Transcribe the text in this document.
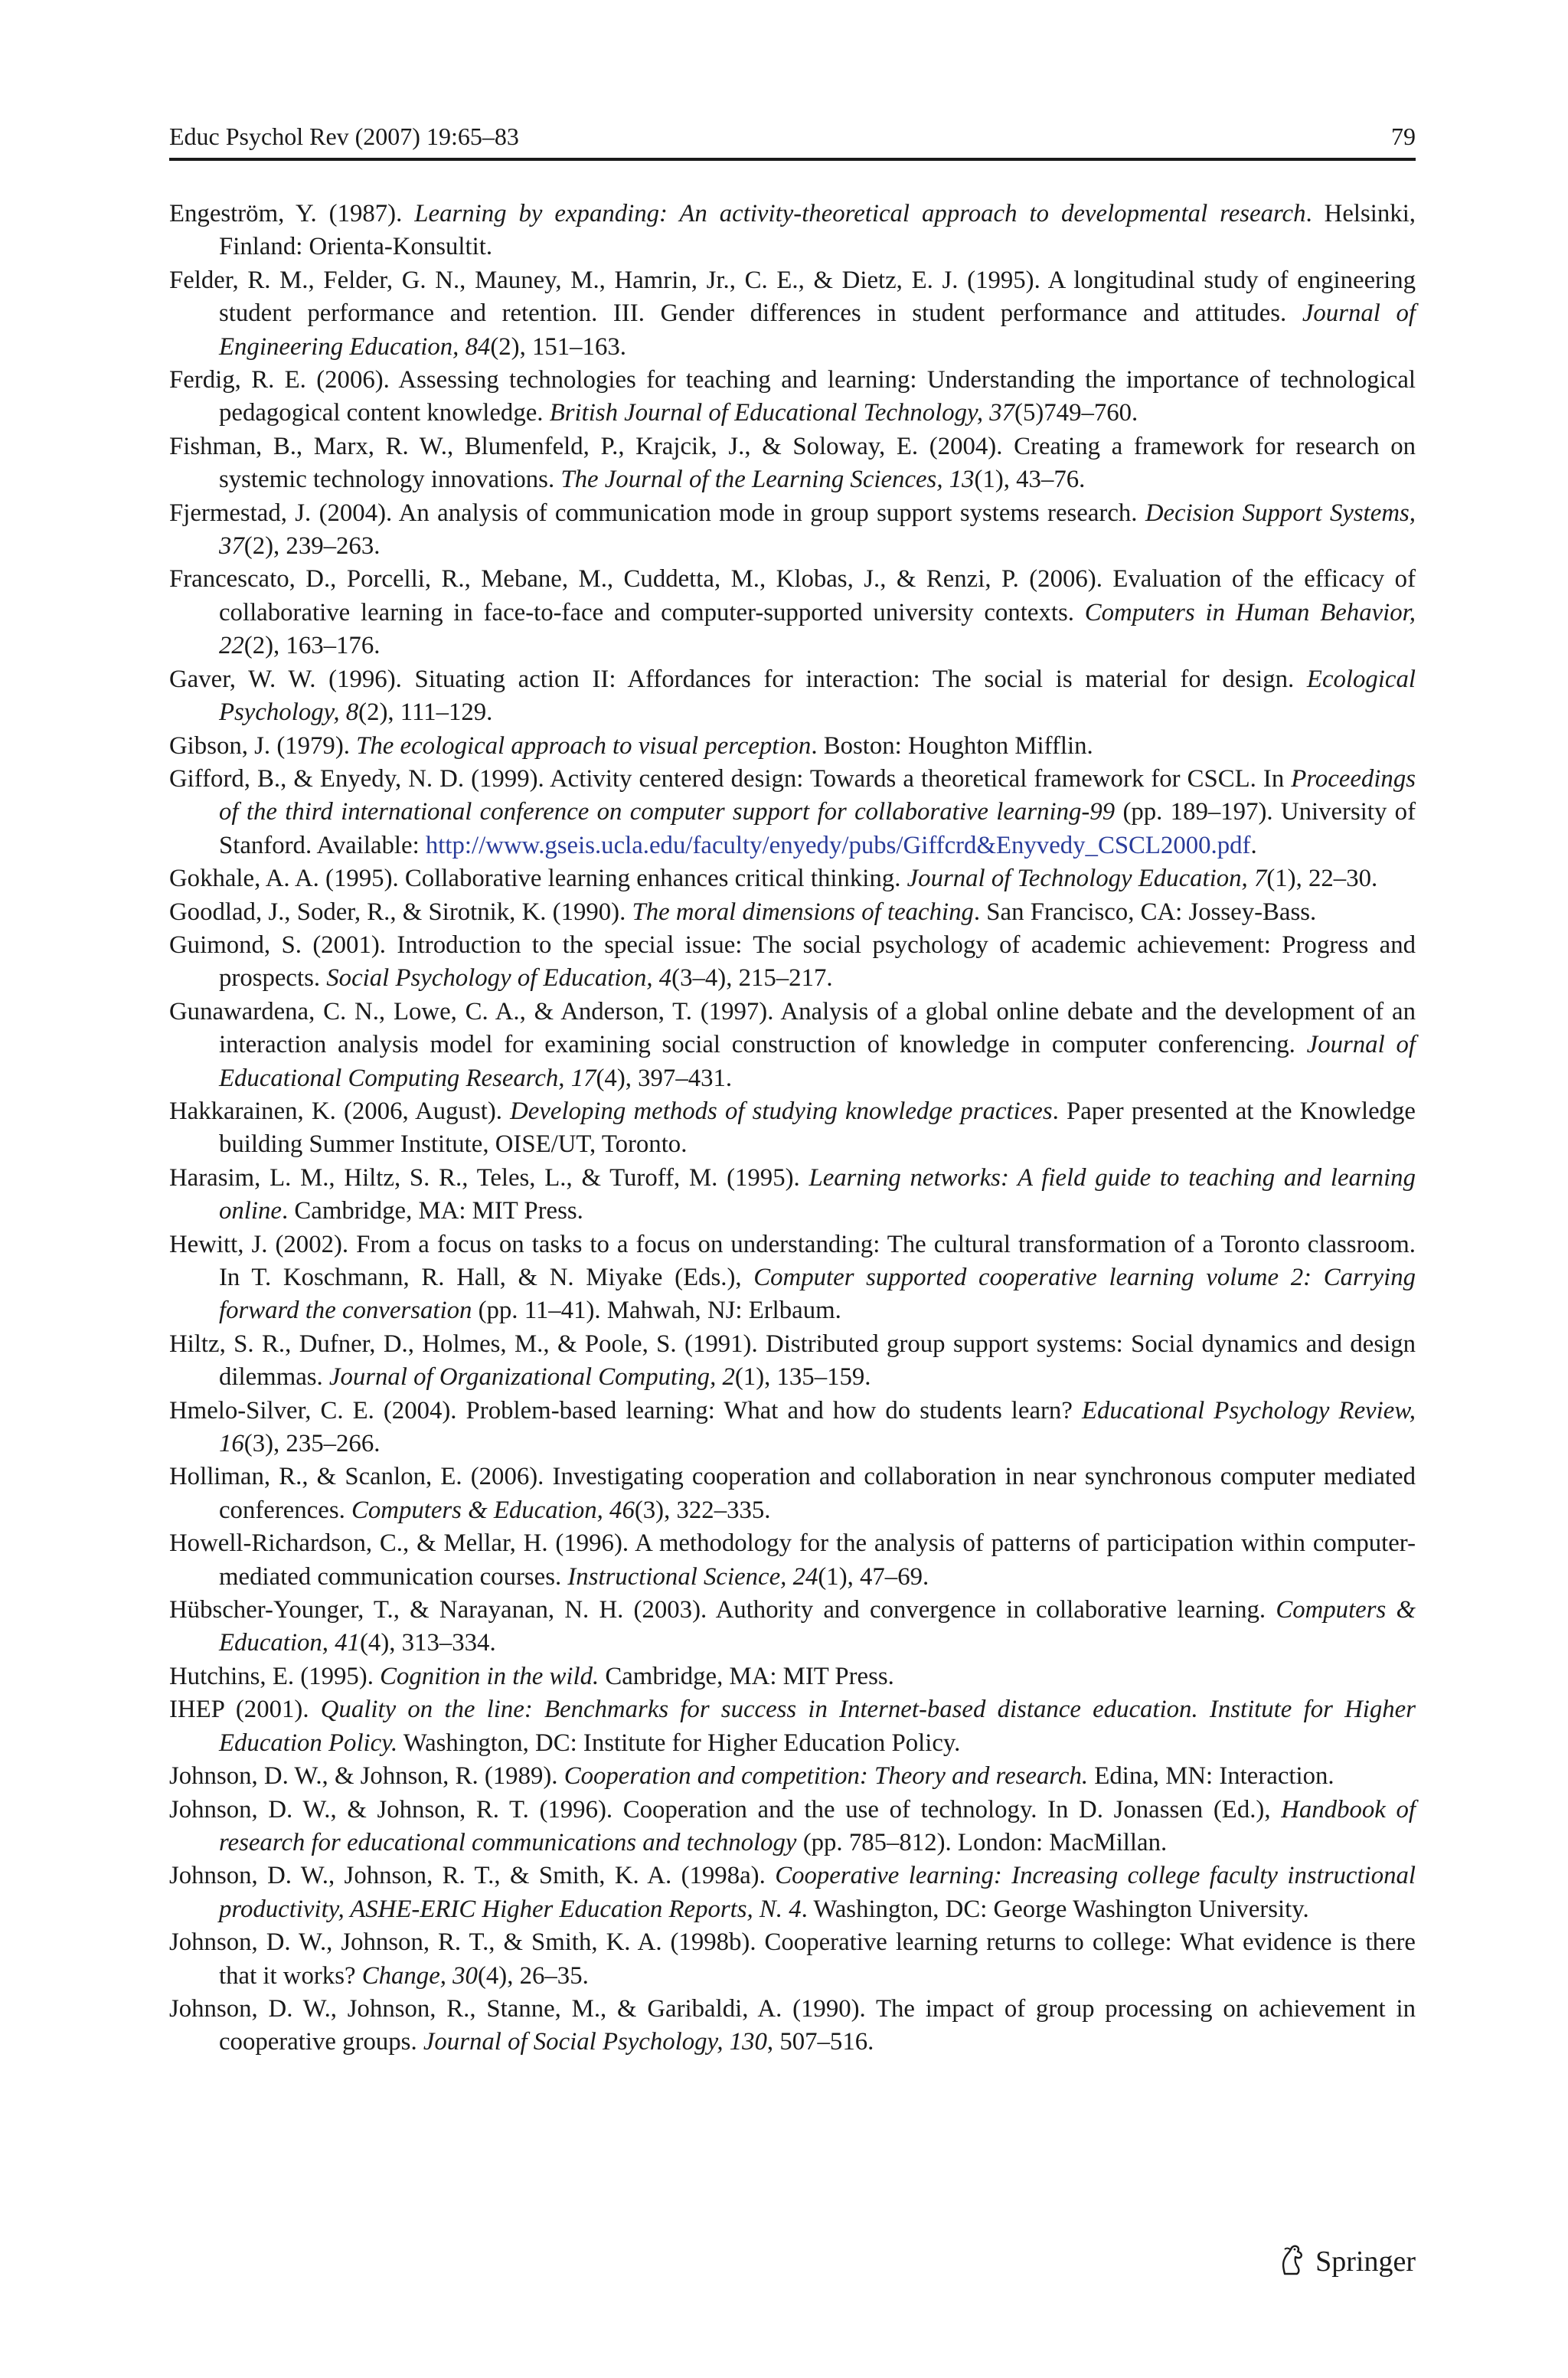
Educ Psychol Rev (2007) 19:65–83	79
Engeström, Y. (1987). Learning by expanding: An activity-theoretical approach to developmental research. Helsinki, Finland: Orienta-Konsultit.
Felder, R. M., Felder, G. N., Mauney, M., Hamrin, Jr., C. E., & Dietz, E. J. (1995). A longitudinal study of engineering student performance and retention. III. Gender differences in student performance and attitudes. Journal of Engineering Education, 84(2), 151–163.
Ferdig, R. E. (2006). Assessing technologies for teaching and learning: Understanding the importance of technological pedagogical content knowledge. British Journal of Educational Technology, 37(5)749–760.
Fishman, B., Marx, R. W., Blumenfeld, P., Krajcik, J., & Soloway, E. (2004). Creating a framework for research on systemic technology innovations. The Journal of the Learning Sciences, 13(1), 43–76.
Fjermestad, J. (2004). An analysis of communication mode in group support systems research. Decision Support Systems, 37(2), 239–263.
Francescato, D., Porcelli, R., Mebane, M., Cuddetta, M., Klobas, J., & Renzi, P. (2006). Evaluation of the efficacy of collaborative learning in face-to-face and computer-supported university contexts. Computers in Human Behavior, 22(2), 163–176.
Gaver, W. W. (1996). Situating action II: Affordances for interaction: The social is material for design. Ecological Psychology, 8(2), 111–129.
Gibson, J. (1979). The ecological approach to visual perception. Boston: Houghton Mifflin.
Gifford, B., & Enyedy, N. D. (1999). Activity centered design: Towards a theoretical framework for CSCL. In Proceedings of the third international conference on computer support for collaborative learning-99 (pp. 189–197). University of Stanford. Available: http://www.gseis.ucla.edu/faculty/enyedy/pubs/Giffcrd&Enyvedy_CSCL2000.pdf.
Gokhale, A. A. (1995). Collaborative learning enhances critical thinking. Journal of Technology Education, 7(1), 22–30.
Goodlad, J., Soder, R., & Sirotnik, K. (1990). The moral dimensions of teaching. San Francisco, CA: Jossey-Bass.
Guimond, S. (2001). Introduction to the special issue: The social psychology of academic achievement: Progress and prospects. Social Psychology of Education, 4(3–4), 215–217.
Gunawardena, C. N., Lowe, C. A., & Anderson, T. (1997). Analysis of a global online debate and the development of an interaction analysis model for examining social construction of knowledge in computer conferencing. Journal of Educational Computing Research, 17(4), 397–431.
Hakkarainen, K. (2006, August). Developing methods of studying knowledge practices. Paper presented at the Knowledge building Summer Institute, OISE/UT, Toronto.
Harasim, L. M., Hiltz, S. R., Teles, L., & Turoff, M. (1995). Learning networks: A field guide to teaching and learning online. Cambridge, MA: MIT Press.
Hewitt, J. (2002). From a focus on tasks to a focus on understanding: The cultural transformation of a Toronto classroom. In T. Koschmann, R. Hall, & N. Miyake (Eds.), Computer supported cooperative learning volume 2: Carrying forward the conversation (pp. 11–41). Mahwah, NJ: Erlbaum.
Hiltz, S. R., Dufner, D., Holmes, M., & Poole, S. (1991). Distributed group support systems: Social dynamics and design dilemmas. Journal of Organizational Computing, 2(1), 135–159.
Hmelo-Silver, C. E. (2004). Problem-based learning: What and how do students learn? Educational Psychology Review, 16(3), 235–266.
Holliman, R., & Scanlon, E. (2006). Investigating cooperation and collaboration in near synchronous computer mediated conferences. Computers & Education, 46(3), 322–335.
Howell-Richardson, C., & Mellar, H. (1996). A methodology for the analysis of patterns of participation within computer-mediated communication courses. Instructional Science, 24(1), 47–69.
Hübscher-Younger, T., & Narayanan, N. H. (2003). Authority and convergence in collaborative learning. Computers & Education, 41(4), 313–334.
Hutchins, E. (1995). Cognition in the wild. Cambridge, MA: MIT Press.
IHEP (2001). Quality on the line: Benchmarks for success in Internet-based distance education. Institute for Higher Education Policy. Washington, DC: Institute for Higher Education Policy.
Johnson, D. W., & Johnson, R. (1989). Cooperation and competition: Theory and research. Edina, MN: Interaction.
Johnson, D. W., & Johnson, R. T. (1996). Cooperation and the use of technology. In D. Jonassen (Ed.), Handbook of research for educational communications and technology (pp. 785–812). London: MacMillan.
Johnson, D. W., Johnson, R. T., & Smith, K. A. (1998a). Cooperative learning: Increasing college faculty instructional productivity, ASHE-ERIC Higher Education Reports, N. 4. Washington, DC: George Washington University.
Johnson, D. W., Johnson, R. T., & Smith, K. A. (1998b). Cooperative learning returns to college: What evidence is there that it works? Change, 30(4), 26–35.
Johnson, D. W., Johnson, R., Stanne, M., & Garibaldi, A. (1990). The impact of group processing on achievement in cooperative groups. Journal of Social Psychology, 130, 507–516.
Springer
